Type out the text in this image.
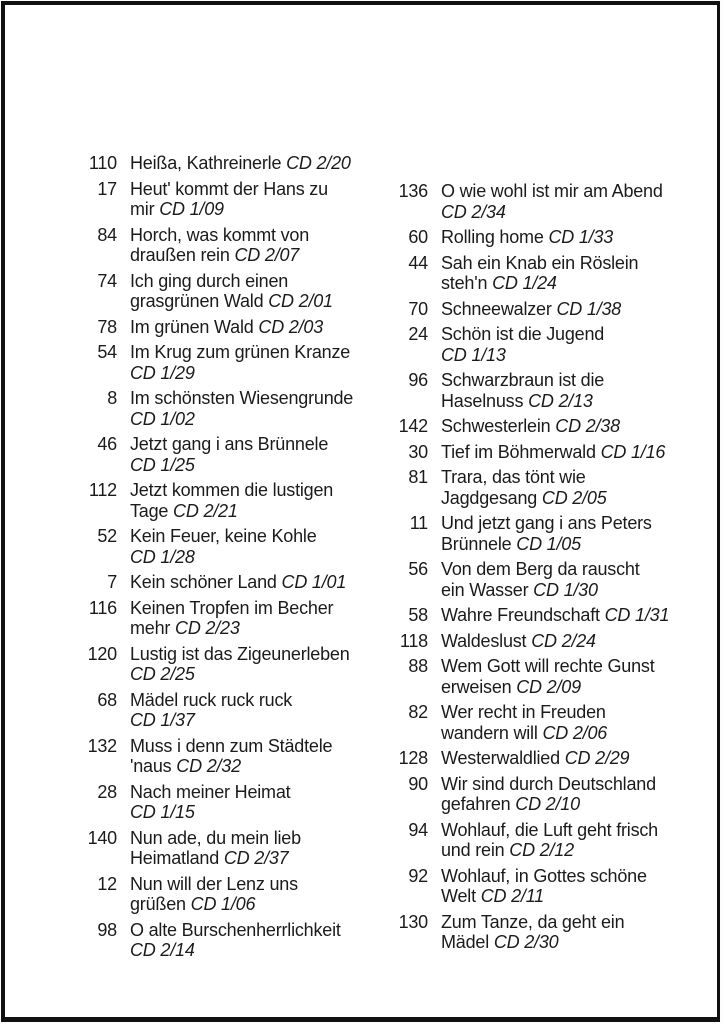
110 Heißa, Kathreinerle CD 2/20
17 Heut' kommt der Hans zu
mir CD 1/09
84 Horch, was kommt von
draußen rein CD 2/07
74 Ich ging durch einen
grasgrünen Wald CD 2/01
78 Im grünen Wald CD 2/03
54 Im Krug zum grünen Kranze
CD 1/29
8 Im schönsten Wiesengrunde
CD 1/02
46 Jetzt gang i ans Brünnele
CD 1/25
112 Jetzt kommen die lustigen
Tage CD 2/21
52 Kein Feuer, keine Kohle
CD 1/28
7 Kein schöner Land CD 1/01
116 Keinen Tropfen im Becher
mehr CD 2/23
120 Lustig ist das Zigeunerleben
CD 2/25
68 Mädel ruck ruck ruck
CD 1/37
132 Muss i denn zum Städtele
'naus CD 2/32
28 Nach meiner Heimat
CD 1/15
140 Nun ade, du mein lieb
Heimatland CD 2/37
12 Nun will der Lenz uns
grüßen CD 1/06
98 O alte Burschenherrlichkeit
CD 2/14
136 O wie wohl ist mir am Abend
CD 2/34
60 Rolling home CD 1/33
44 Sah ein Knab ein Röslein
steh'n CD 1/24
70 Schneewalzer CD 1/38
24 Schön ist die Jugend
CD 1/13
96 Schwarzbraun ist die
Haselnuss CD 2/13
142 Schwesterlein CD 2/38
30 Tief im Böhmerwald CD 1/16
81 Trara, das tönt wie
Jagdgesang CD 2/05
11 Und jetzt gang i ans Peters
Brünnele CD 1/05
56 Von dem Berg da rauscht
ein Wasser CD 1/30
58 Wahre Freundschaft CD 1/31
118 Waldeslust CD 2/24
88 Wem Gott will rechte Gunst
erweisen CD 2/09
82 Wer recht in Freuden
wandern will CD 2/06
128 Westerwaldlied CD 2/29
90 Wir sind durch Deutschland
gefahren CD 2/10
94 Wohlauf, die Luft geht frisch
und rein CD 2/12
92 Wohlauf, in Gottes schöne
Welt CD 2/11
130 Zum Tanze, da geht ein
Mädel CD 2/30
